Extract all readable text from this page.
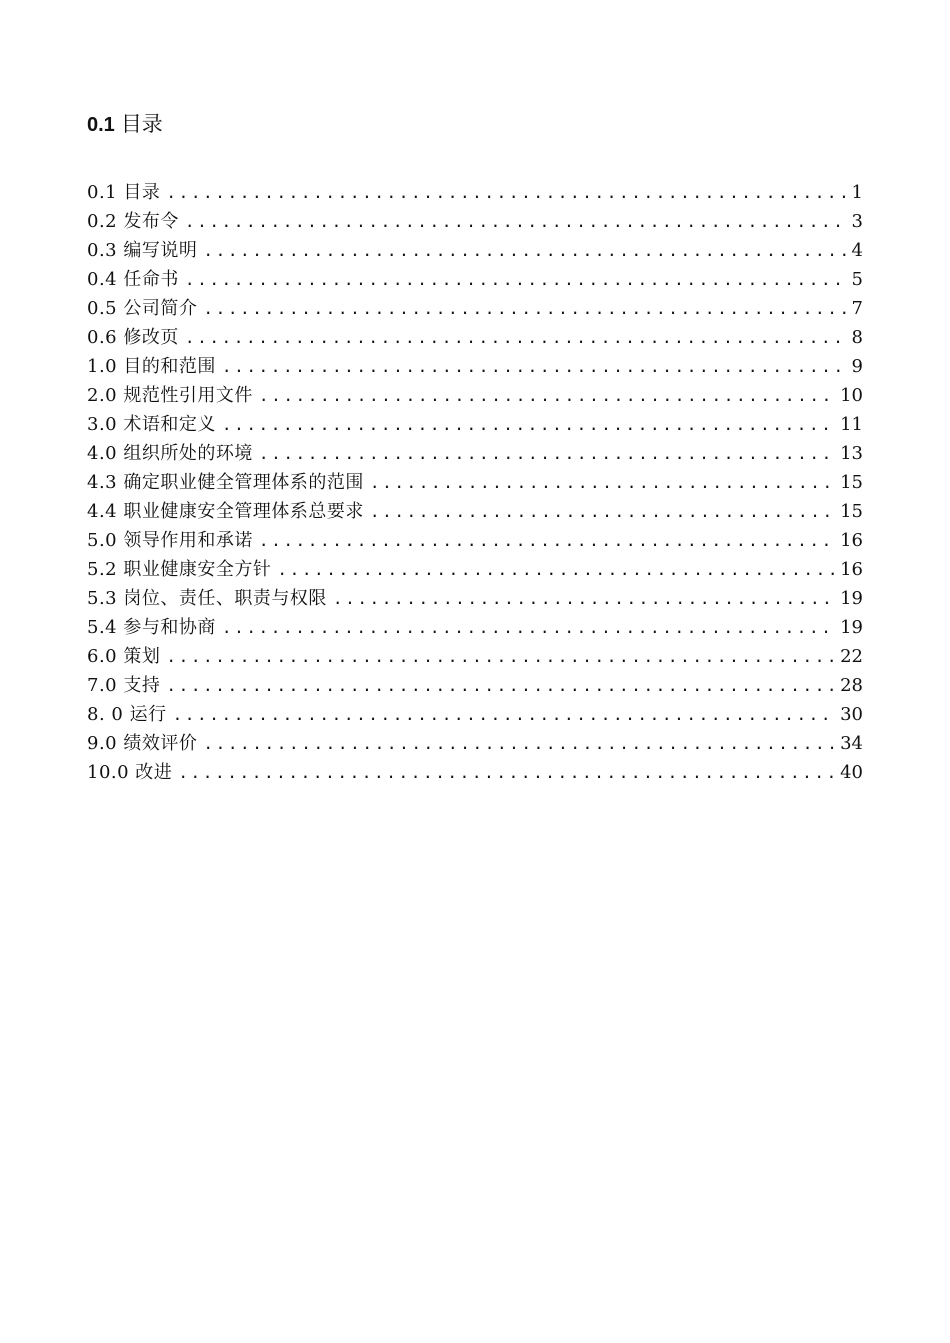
0.1 目录
0.1 目录 .....	1
0.2 发布令 .....	3
0.3 编写说明 .....	4
0.4 任命书 .....	5
0.5 公司简介 .....	7
0.6 修改页 .....	8
1.0 目的和范围 .....	9
2.0 规范性引用文件 .....	10
3.0 术语和定义 .....	11
4.0 组织所处的环境 .....	13
4.3 确定职业健全管理体系的范围 .....	15
4.4 职业健康安全管理体系总要求 .....	15
5.0 领导作用和承诺 .....	16
5.2 职业健康安全方针 .....	16
5.3 岗位、责任、职责与权限 .....	19
5.4 参与和协商 .....	19
6.0 策划 .....	22
7.0 支持 .....	28
8. 0 运行 .....	30
9.0 绩效评价 .....	34
10.0 改进 .....	40
